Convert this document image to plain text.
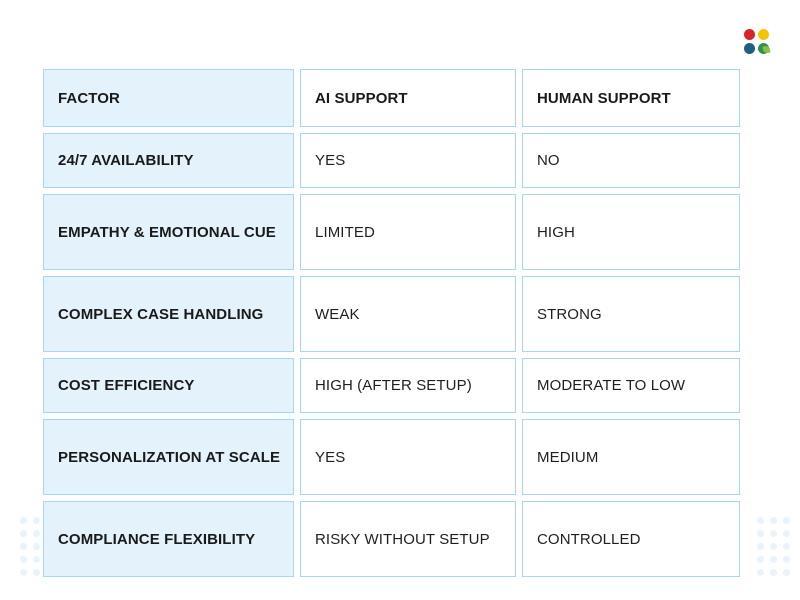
FACTOR	AI SUPPORT	HUMAN SUPPORT
24/7 AVAILABILITY	YES	NO
EMPATHY & EMOTIONAL CUE	LIMITED	HIGH
COMPLEX CASE HANDLING	WEAK	STRONG
COST EFFICIENCY	HIGH (AFTER SETUP)	MODERATE TO LOW
PERSONALIZATION AT SCALE	YES	MEDIUM
COMPLIANCE FLEXIBILITY	RISKY WITHOUT SETUP	CONTROLLED
